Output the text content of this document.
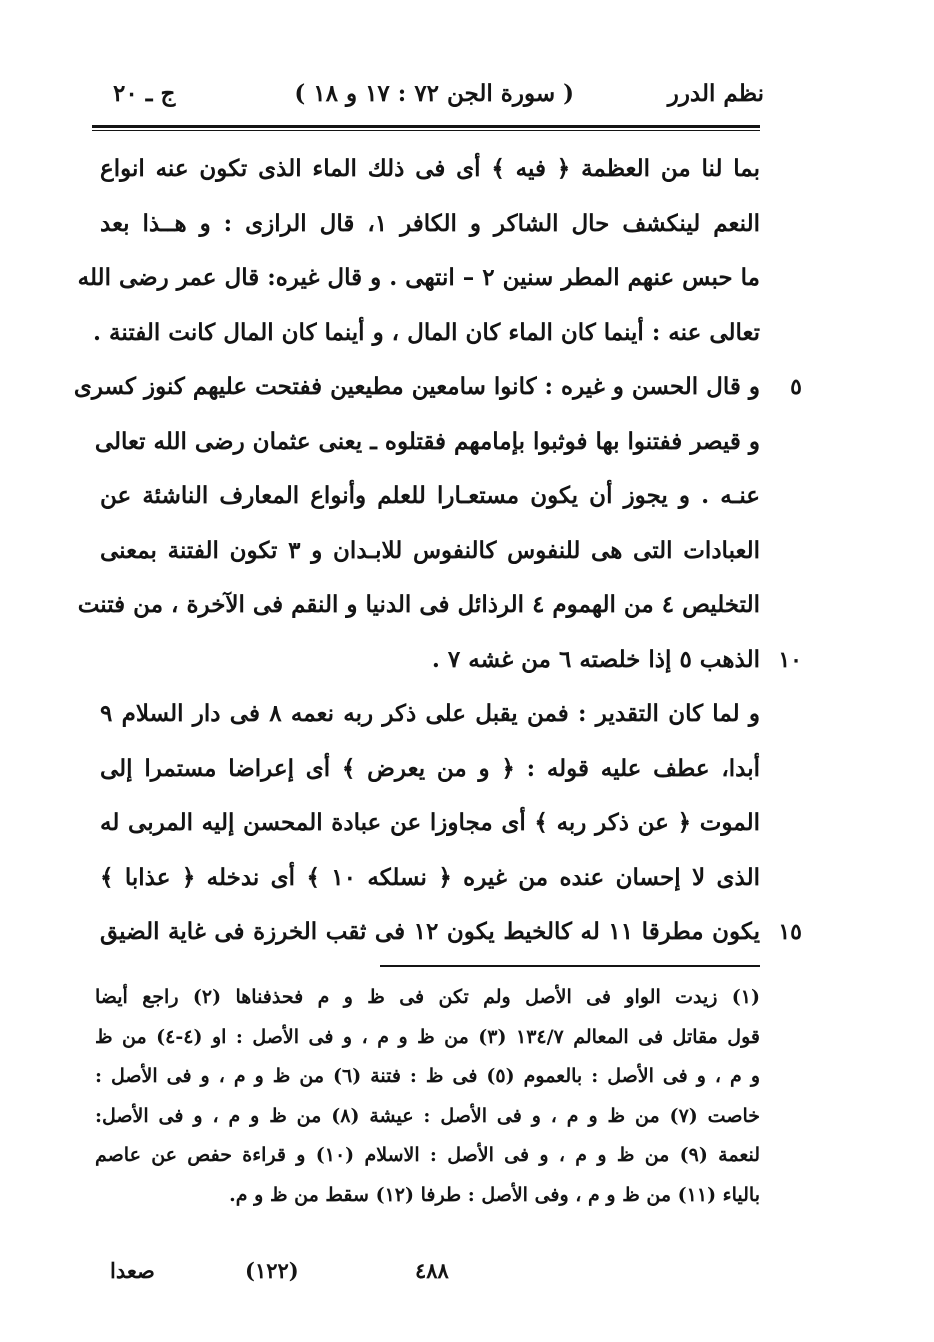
نظم الدرر
( سورة الجن ٧٢ : ١٧ و ١٨ )
ج ـ ٢٠
بما لنا من العظمة ﴿ فيه ﴾ أى فى ذلك الماء الذى تكون عنه انواع
النعم لينكشف حال الشاكر و الكافر ١، قال الرازى : و هــذا بعد
ما حبس عنهم المطر سنين ٢ – انتهى . و قال غيره: قال عمر رضى الله
تعالى عنه : أينما كان الماء كان المال ، و أينما كان المال كانت الفتنة .
٥
و قال الحسن و غيره : كانوا سامعين مطيعين ففتحت عليهم كنوز كسرى
و قيصر ففتنوا بها فوثبوا بإمامهم فقتلوه ـ يعنى عثمان رضى الله تعالى
عنـه . و يجوز أن يكون مستعـارا للعلم وأنواع المعارف الناشئة عن
العبادات التى هى للنفوس كالنفوس للابـدان و ٣ تكون الفتنة بمعنى
التخليص ٤ من الهموم ٤ الرذائل فى الدنيا و النقم فى الآخرة ، من فتنت
١٠
الذهب ٥ إذا خلصته ٦ من غشه ٧ .
و لما كان التقدير : فمن يقبل على ذكر ربه نعمه ٨ فى دار السلام ٩
أبدا، عطف عليه قوله : ﴿ و من يعرض ﴾ أى إعراضا مستمرا إلى
الموت ﴿ عن ذكر ربه ﴾ أى مجاوزا عن عبادة المحسن إليه المربى له
الذى لا إحسان عنده من غيره ﴿ نسلكه ١٠ ﴾ أى ندخله ﴿ عذابا ﴾
١٥
يكون مطرقا ١١ له كالخيط يكون ١٢ فى ثقب الخرزة فى غاية الضيق
(١) زيدت الواو فى الأصل ولم تكن فى ظ و م فحذفناها (٢) راجع أيضا
قول مقاتل فى المعالم ١٣٤/٧ (٣) من ظ و م ، و فى الأصل : او (٤-٤) من ظ
و م ، و فى الأصل : بالعموم (٥) فى ظ : فتنة (٦) من ظ و م ، و فى الأصل :
خاصت (٧) من ظ و م ، و فى الأصل : عيشة (٨) من ظ و م ، و فى الأصل:
لنعمة (٩) من ظ و م ، و فى الأصل : الاسلام (١٠) و قراءة حفص عن عاصم
بالياء (١١) من ظ و م ، وفى الأصل : طرفا (١٢) سقط من ظ و م.
٤٨٨
(١٢٢)
صعدا
